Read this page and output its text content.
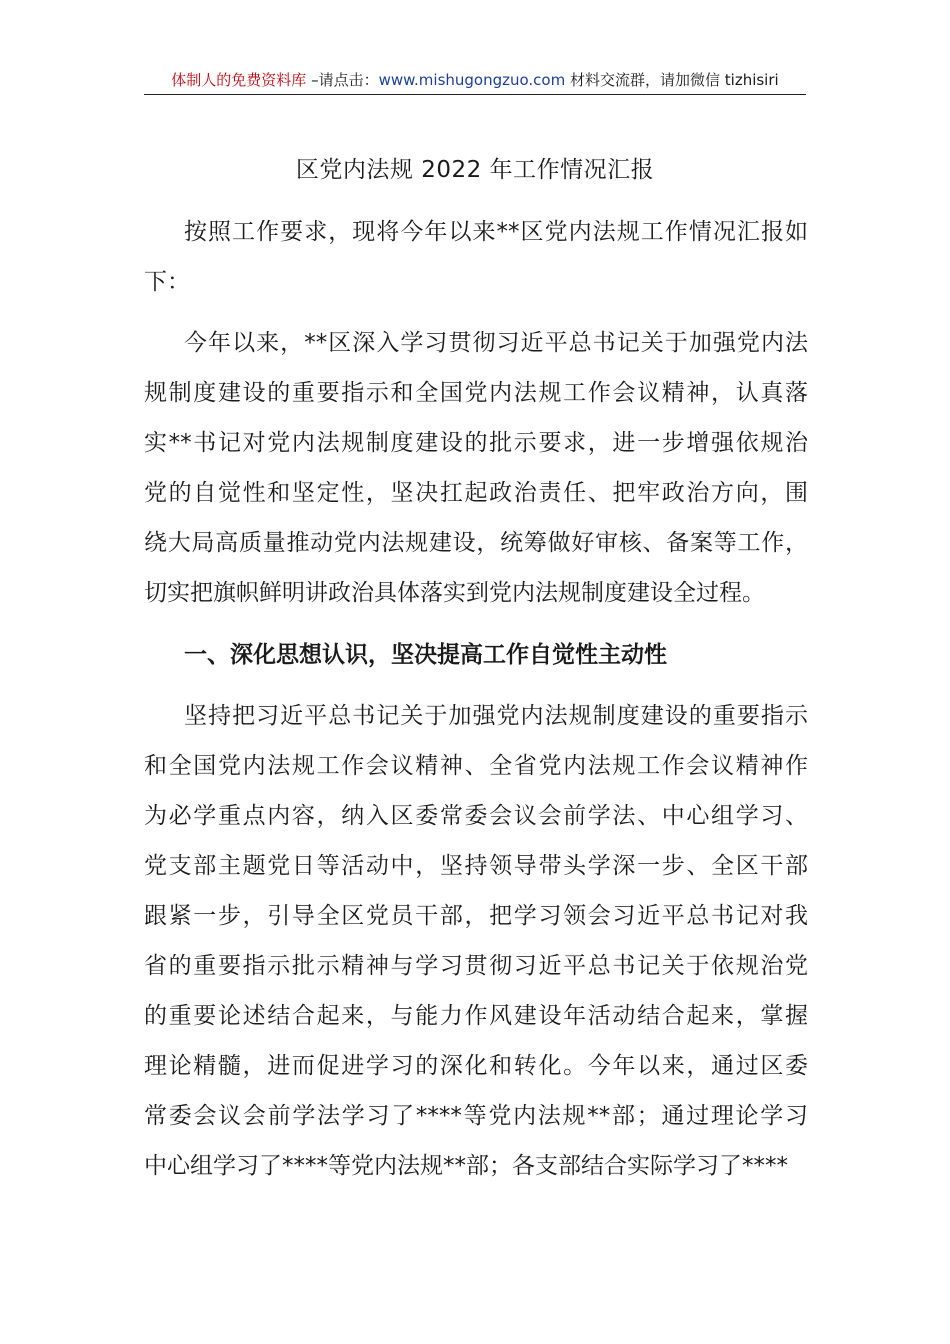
体制人的免费资料库 –请点击：www.mishugongzuo.com 材料交流群，请加微信 tizhisiri
区党内法规 2022 年工作情况汇报
按照工作要求，现将今年以来**区党内法规工作情况汇报如
下：
今年以来，**区深入学习贯彻习近平总书记关于加强党内法
规制度建设的重要指示和全国党内法规工作会议精神，认真落
实**书记对党内法规制度建设的批示要求，进一步增强依规治
党的自觉性和坚定性，坚决扛起政治责任、把牢政治方向，围
绕大局高质量推动党内法规建设，统筹做好审核、备案等工作，
切实把旗帜鲜明讲政治具体落实到党内法规制度建设全过程。
一、深化思想认识，坚决提高工作自觉性主动性
坚持把习近平总书记关于加强党内法规制度建设的重要指示
和全国党内法规工作会议精神、全省党内法规工作会议精神作
为必学重点内容，纳入区委常委会议会前学法、中心组学习、
党支部主题党日等活动中，坚持领导带头学深一步、全区干部
跟紧一步，引导全区党员干部，把学习领会习近平总书记对我
省的重要指示批示精神与学习贯彻习近平总书记关于依规治党
的重要论述结合起来，与能力作风建设年活动结合起来，掌握
理论精髓，进而促进学习的深化和转化。今年以来，通过区委
常委会议会前学法学习了****等党内法规**部；通过理论学习
中心组学习了****等党内法规**部；各支部结合实际学习了****
